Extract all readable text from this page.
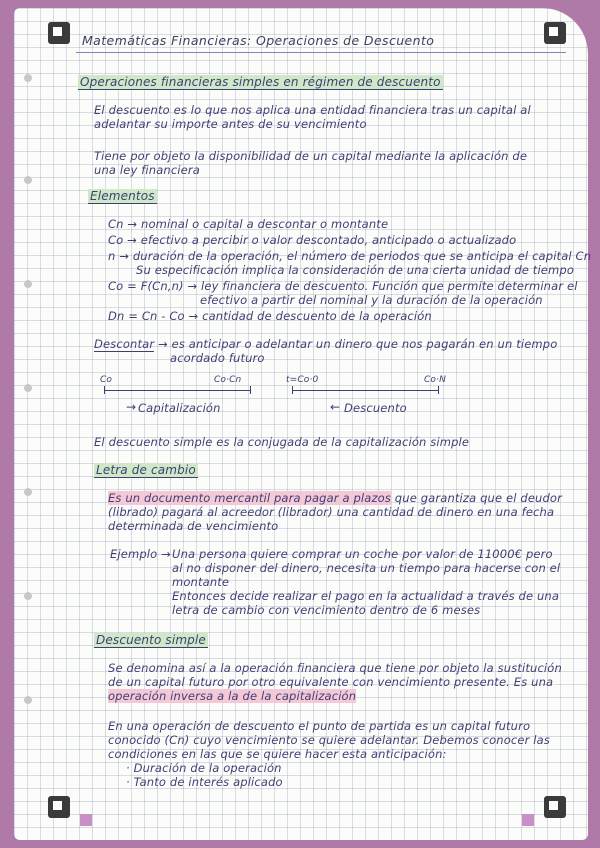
Matemáticas Financieras: Operaciones de Descuento
Operaciones financieras simples en régimen de descuento
El descuento es lo que nos aplica una entidad financiera tras un capital al
adelantar su importe antes de su vencimiento
Tiene por objeto la disponibilidad de un capital mediante la aplicación de
una ley financiera
Elementos
Cn → nominal o capital a descontar o montante
Co → efectivo a percibir o valor descontado, anticipado o actualizado
n → duración de la operación, el número de periodos que se anticipa el capital Cn
Su especificación implica la consideración de una cierta unidad de tiempo
Co = F(Cn,n) → ley financiera de descuento. Función que permite determinar el
efectivo a partir del nominal y la duración de la operación
Dn = Cn - Co → cantidad de descuento de la operación
Descontar → es anticipar o adelantar un dinero que nos pagarán en un tiempo
acordado futuro
Co	Co·Cn
→ Capitalización
t=Co·0	Co·N
← Descuento
El descuento simple es la conjugada de la capitalización simple
Letra de cambio
Es un documento mercantil para pagar a plazos que garantiza que el deudor
(librado) pagará al acreedor (librador) una cantidad de dinero en una fecha
determinada de vencimiento
Ejemplo → Una persona quiere comprar un coche por valor de 11000€ pero
al no disponer del dinero, necesita un tiempo para hacerse con el
montante
Entonces decide realizar el pago en la actualidad a través de una
letra de cambio con vencimiento dentro de 6 meses
Descuento simple
Se denomina así a la operación financiera que tiene por objeto la sustitución
de un capital futuro por otro equivalente con vencimiento presente. Es una
operación inversa a la de la capitalización
En una operación de descuento el punto de partida es un capital futuro
conocido (Cn) cuyo vencimiento se quiere adelantar. Debemos conocer las
condiciones en las que se quiere hacer esta anticipación:
· Duración de la operación
· Tanto de interés aplicado
